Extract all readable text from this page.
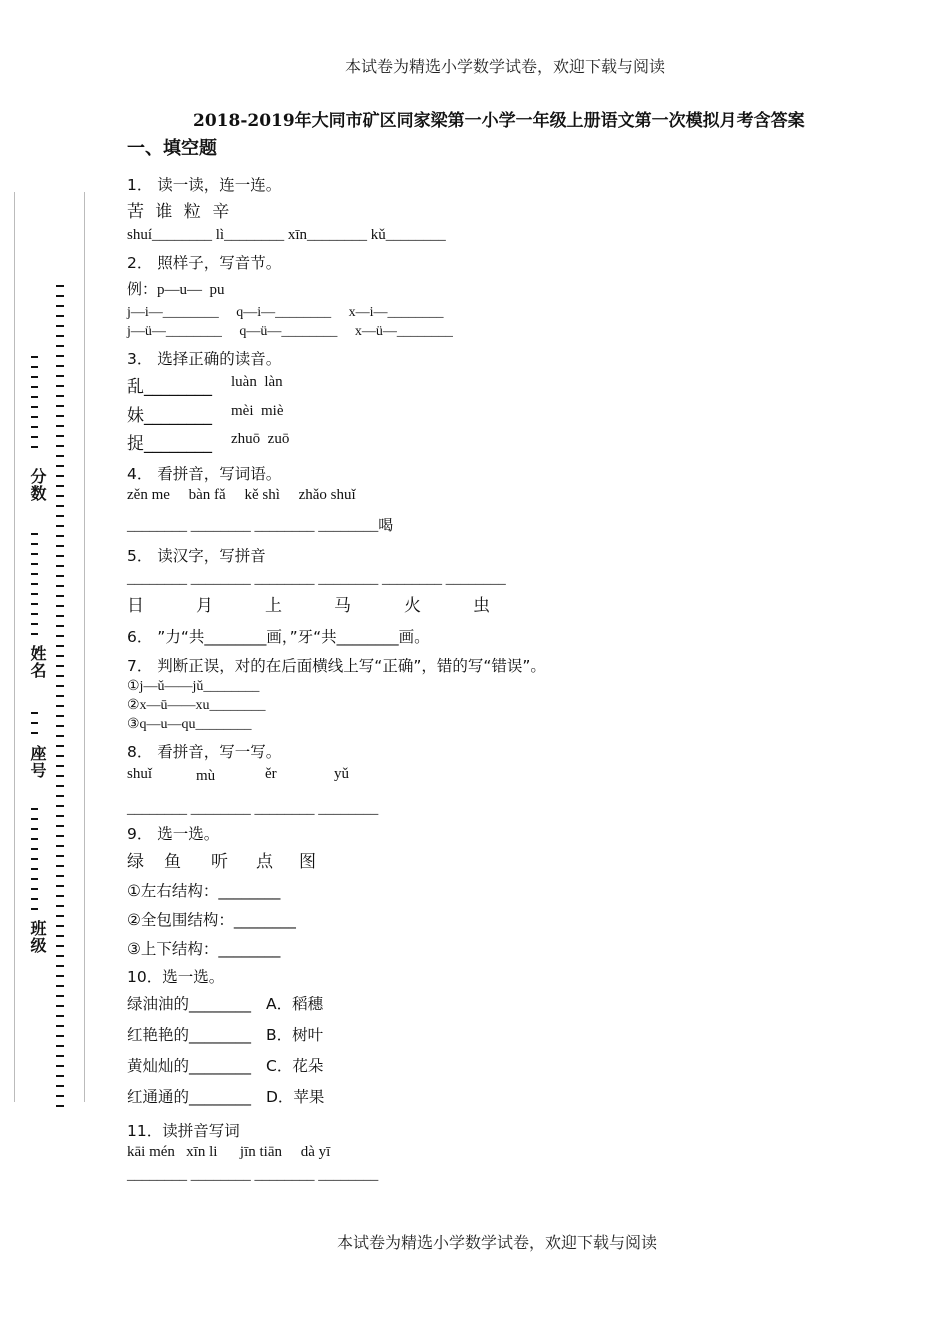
本试卷为精选小学数学试卷，欢迎下载与阅读
2018-2019年大同市矿区同家梁第一小学一年级上册语文第一次模拟月考含答案
一、填空题
分数
姓名
座号
班级
1． 读一读，连一连。
苦 谁 粒 辛
shuí________ lì________ xīn________ kǔ________
2． 照样子，写音节。
例：p—u—  pu
j—i—________     q—i—________     x—i—________
j—ü—________     q—ü—________     x—ü—________
3． 选择正确的读音。
乱________ luàn  làn
妹________ mèi  miè
捉________ zhuō  zuō
4． 看拼音，写词语。
zěn me     bàn fǎ     kě shì     zhǎo shuǐ
________ ________ ________ ________喝
5． 读汉字，写拼音
________ ________ ________ ________ ________ ________
日	月	上	马	火	虫
6． ”力“共________画，”牙“共________画。
7． 判断正误，对的在后面横线上写“正确”，错的写“错误”。
①j—ǔ——jǔ________
②x—ū——xu________
③q—u—qu________
8． 看拼音，写一写。
shuǐ	mù	ěr	yǔ
________ ________ ________ ________
9． 选一选。
绿 鱼 听 点 图
①左右结构：________
②全包围结构：________
③上下结构：________
10．选一选。
绿油油的________ A．稻穗
红艳艳的________ B．树叶
黄灿灿的________ C．花朵
红通通的________ D．苹果
11．读拼音写词
kāi mén   xīn li      jīn tiān     dà yī
________ ________ ________ ________
本试卷为精选小学数学试卷，欢迎下载与阅读
